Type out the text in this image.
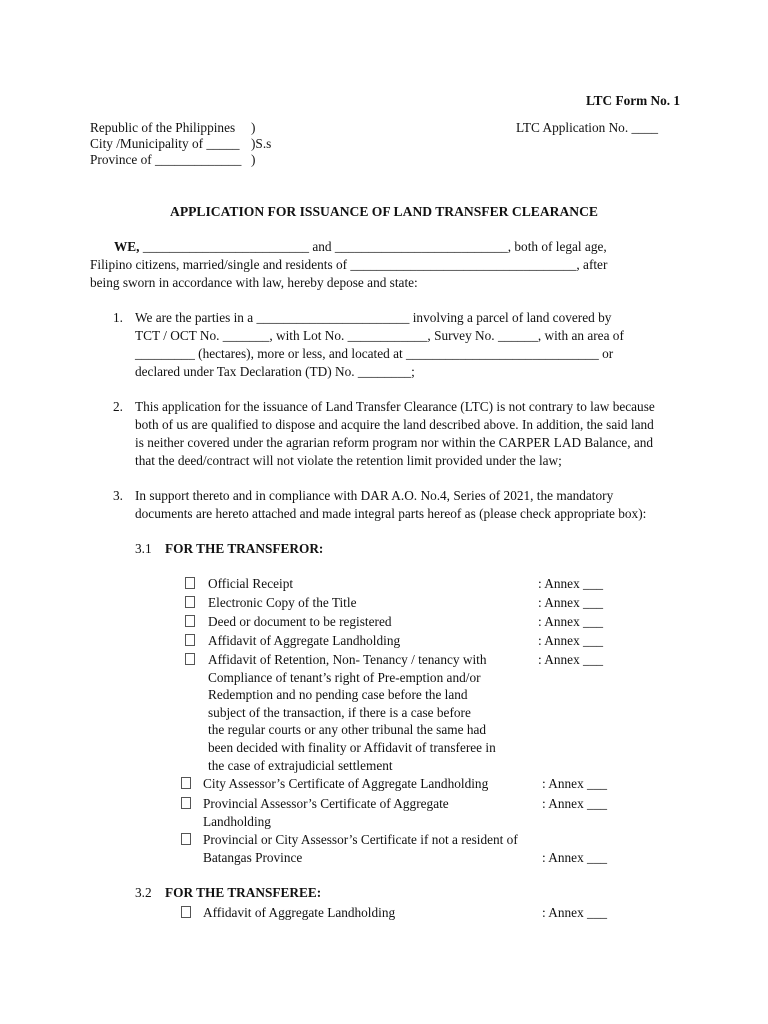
LTC Form No. 1
Republic of the Philippines
City /Municipality of _____
Province of _____________
)
)S.s
)
LTC Application No. ____
APPLICATION FOR ISSUANCE OF LAND TRANSFER CLEARANCE
WE, _________________________ and __________________________, both of legal age,
Filipino citizens, married/single and residents of __________________________________, after
being sworn in accordance with law, hereby depose and state:
1. We are the parties in a _______________________ involving a parcel of land covered by
TCT / OCT No. _______, with Lot No. ____________, Survey No. ______, with an area of
_________ (hectares), more or less, and located at _____________________________ or
declared under Tax Declaration (TD) No. ________;
2. This application for the issuance of Land Transfer Clearance (LTC) is not contrary to law because
both of us are qualified to dispose and acquire the land described above. In addition, the said land
is neither covered under the agrarian reform program nor within the CARPER LAD Balance, and
that the deed/contract will not violate the retention limit provided under the law;
3. In support thereto and in compliance with DAR A.O. No.4, Series of 2021, the mandatory
documents are hereto attached and made integral parts hereof as (please check appropriate box):
3.1 FOR THE TRANSFEROR:
Official Receipt	: Annex ___
Electronic Copy of the Title	: Annex ___
Deed or document to be registered	: Annex ___
Affidavit of Aggregate Landholding	: Annex ___
Affidavit of Retention, Non- Tenancy / tenancy with
Compliance of tenant’s right of Pre-emption and/or
Redemption and no pending case before the land
subject of the transaction, if there is a case before
the regular courts or any other tribunal the same had
been decided with finality or Affidavit of transferee in
the case of extrajudicial settlement
: Annex ___
City Assessor’s Certificate of Aggregate Landholding	: Annex ___
Provincial Assessor’s Certificate of Aggregate
Landholding
: Annex ___
Provincial or City Assessor’s Certificate if not a resident of
Batangas Province	: Annex ___
3.2 FOR THE TRANSFEREE:
Affidavit of Aggregate Landholding	: Annex ___
